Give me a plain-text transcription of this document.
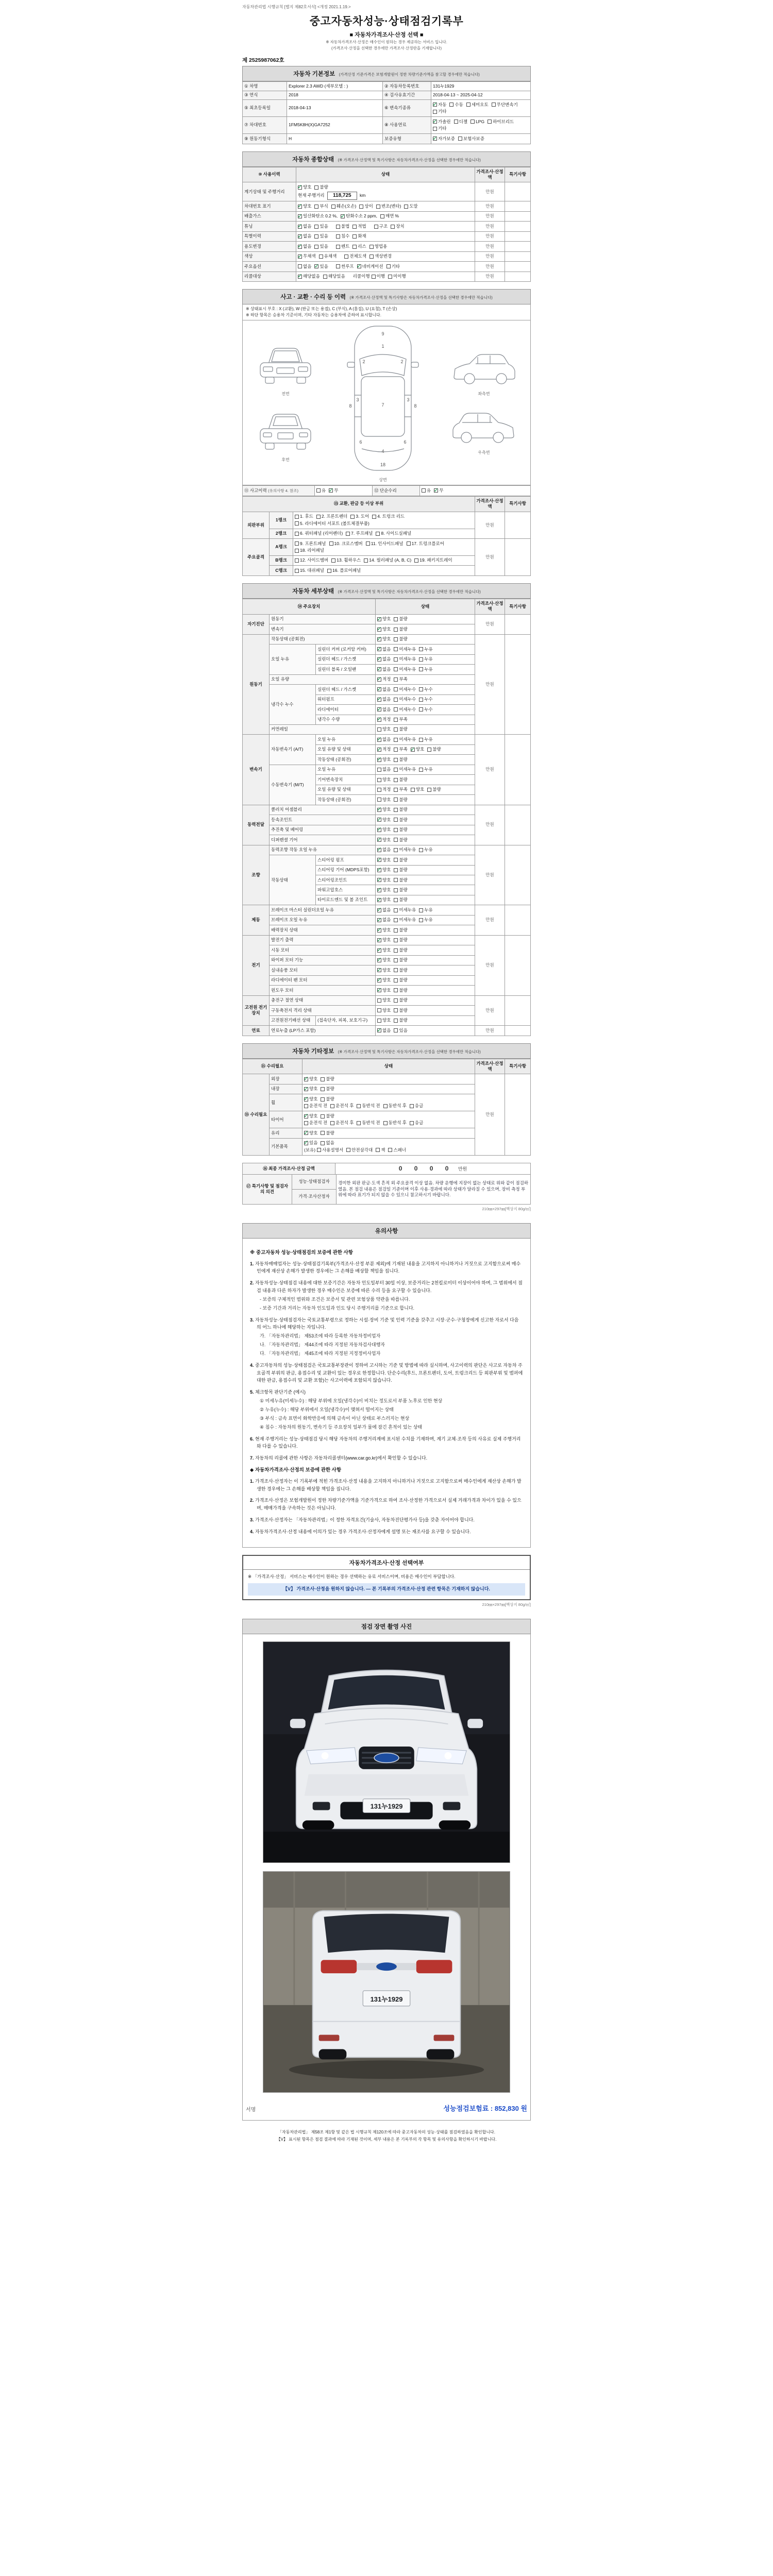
자동차관리법 시행규칙 [별지 제82호서식] <개정 2021.1.19.>
중고자동차성능·상태점검기록부
■ 자동차가격조사·산정 선택 ■
※ 자동차가격조사·산정은 매수인이 원하는 경우 제공하는 서비스 입니다.
(가격조사·산정을 선택한 경우에만 가격조사·산정란을 기재합니다)
제 2525987062호
자동차 기본정보 (가격산정 기준가격은 보험개발원이 정한 차량기준가액을 참고할 경우에만 적습니다)
① 차명	Explorer 2.3 AWD (세부모델 : )	② 자동차등록번호	131누1929
③ 연식	2018	④ 검사유효기간	2018-04-13 ~ 2025-04-12
⑤ 최초등록일	2018-04-13	⑥ 변속기종류	
✓ 자동 수동 세미오토 무단변속기
기타

⑦ 차대번호	1FM5K8H(X)GA7252	⑧ 사용연료	
✓ 가솔린 디젤 LPG 하이브리드
기타

⑨ 원동기형식	H	보증유형	✓ 자가보증 보험사보증
자동차 종합상태 (※ 가격조사·산정액 및 특기사항은 자동차가격조사·산정을 선택한 경우에만 적습니다)
⑩ 사용이력	상태	가격조사·산정액	특기사항
계기상태 및 주행거리	✓ 양호 불량
현재 주행거리 118,725 km	만원	
차대번호 표기	✓ 양호 부식 훼손(오손) 상이 변조(변타) 도말	만원	
배출가스	✓ 일산화탄소 0.2 %, ✓ 탄화수소 2 ppm, 매연 %	만원	
튜닝	✓ 없음 있음	불법 적법	구조 장치	만원	
특별이력	✓ 없음 있음 침수 화재	만원	
용도변경	✓ 없음 있음	렌트 리스 영업용	만원	
색상	✓ 무채색 유채색 전체도색 색상변경	만원	
주요옵션	없음 ✓ 있음	썬루프 ✓ 네비게이션 기타	만원	
리콜대상	✓ 해당없음 해당있음 리콜이행 이행 미이행	만원	
사고 · 교환 · 수리 등 이력 (※ 가격조사·산정액 및 특기사항은 자동차가격조사·산정을 선택한 경우에만 적습니다)
※ 상태표시 부호 : X (교환), W (판금 또는 용접), C (부식), A (흠집), U (요철), T (손상)
※ 하단 항목은 승용차 기준이며, 기타 자동차는 승용차에 준하여 표시합니다.
전면
후면
9
1
2	2
3	3
8	8
7
6	6
4
18
상면
좌측면
우측면
⑪ 사고이력 (유의사항 4. 참조)	유 ✓ 무	⑫ 단순수리	유 ✓ 무
⑬ 교환, 판금 등 이상 부위			가격조사·산정액	특기사항
외판부위	1랭크	1. 후드 2. 프론트펜더 3. 도어 4. 트렁크 리드
5. 라디에이터 서포트 (볼트체결부품)	만원	
	2랭크	6. 쿼터패널 (리어펜더) 7. 루프패널 8. 사이드실패널		

주요골격	A랭크	9. 프론트패널 10. 크로스멤버 11. 인사이드패널 17. 트렁크플로어
18. 리어패널	만원	
	B랭크	12. 사이드멤버 13. 휠하우스 14. 필러패널 (A, B, C) 19. 패키지트레이		

	C랭크	15. 대쉬패널 16. 플로어패널		
자동차 세부상태 (※ 가격조사·산정액 및 특기사항은 자동차가격조사·산정을 선택한 경우에만 적습니다)
⑭ 주요장치			상태	가격조사·산정액	특기사항
자기진단	원동기		✓ 양호 불량	만원	
	변속기		✓ 양호 불량		

원동기	작동상태 (공회전)		✓ 양호 불량	만원	
	오일 누유	실린더 커버 (로커암 커버)	✓ 없음 미세누유 누유		

		실린더 헤드 / 가스켓	✓ 없음 미세누유 누유		

		실린더 블록 / 오일팬	✓ 없음 미세누유 누유		

	오일 유량		✓ 적정 부족		

	냉각수 누수	실린더 헤드 / 가스켓	✓ 없음 미세누수 누수		

		워터펌프	✓ 없음 미세누수 누수		

		라디에이터	✓ 없음 미세누수 누수		

		냉각수 수량	✓ 적정 부족		

	커먼레일		양호 불량		

변속기	자동변속기 (A/T)	오일 누유	✓ 없음 미세누유 누유	만원	
오일 유량 및 상태	✓ 적정 부족 ✓ 양호 불량

		작동상태 (공회전)	✓ 양호 불량		

	수동변속기 (M/T)	오일 누유	없음 미세누유 누유		

		기어변속장치	양호 불량		

		오일 유량 및 상태	적정 부족 양호 불량		

		작동상태 (공회전)	양호 불량		

동력전달	클러치 어셈블리		✓ 양호 불량	만원	
	등속조인트		✓ 양호 불량		

	추진축 및 베어링		✓ 양호 불량		

	디퍼렌셜 기어		✓ 양호 불량		

조향	동력조향 작동 오일 누유		✓ 없음 미세누유 누유	만원	
	작동상태	스티어링 펌프	✓ 양호 불량		

		스티어링 기어 (MDPS포함)	✓ 양호 불량		

		스티어링조인트	✓ 양호 불량		

		파워고압호스	✓ 양호 불량		

		타이로드엔드 및 볼 조인트	✓ 양호 불량		

제동	브레이크 마스터 실린더오일 누유		✓ 없음 미세누유 누유	만원	
	브레이크 오일 누유		✓ 없음 미세누유 누유		

	배력장치 상태		✓ 양호 불량		

전기	발전기 출력		✓ 양호 불량	만원	
	시동 모터		✓ 양호 불량		

	와이퍼 모터 기능		✓ 양호 불량		

	실내송풍 모터		✓ 양호 불량		

	라디에이터 팬 모터		✓ 양호 불량		

	윈도우 모터		✓ 양호 불량		

고전원 전기장치	충전구 절연 상태		양호 불량	만원	
	구동축전지 격리 상태		양호 불량		

	고전원전기배선 상태	(접속단자, 피복, 보호기구)	양호 불량		

연료	연료누출 (LP가스 포함)		✓ 없음 있음	만원	
자동차 기타정보 (※ 가격조사·산정액 및 특기사항은 자동차가격조사·산정을 선택한 경우에만 적습니다)
⑮ 수리필요		상태	가격조사·산정액	특기사항
⑮ 수리필요	외장	✓ 양호 불량	만원	
	내장	✓ 양호 불량		

휠	
✓ 양호 불량
운전석 전 운전석 후 동반석 전 동반석 후 응급

타이어	
✓ 양호 불량
운전석 전 운전석 후 동반석 전 동반석 후 응급

	유리	✓ 양호 불량		

기본품목	
✓ 있음 없음
(보유) 사용설명서 안전삼각대 잭 스패너
⑯ 최종 가격조사·산정 금액	0 0 0 0 만원
⑰ 특기사항 및 점검자의 의견	성능·상태점검자	경미한 외판 판금·도색 흔적 외 주요골격 이상 없음. 차량 운행에 지장이 없는 상태로 위와 같이 점검하였음. 본 점검 내용은 점검일 기준이며 이후 사용·경과에 따라 상태가 달라질 수 있으며, 장비 측정 부위에 따라 표기가 되지 않을 수 있으니 참고하시기 바랍니다.
가격·조사산정자
210㎜×297㎜[백상지 80g/㎡]
유의사항
※ 중고자동차 성능·상태점검의 보증에 관한 사항
1. 자동차매매업자는 성능·상태점검기록부(가격조사·산정 부분 제외)에 기재된 내용을 고지하지 아니하거나 거짓으로 고지함으로써 매수인에게 재산상 손해가 발생한 경우에는 그 손해를 배상할 책임을 집니다.
2. 자동차성능·상태점검 내용에 대한 보증기간은 자동차 인도일부터 30일 이상, 보증거리는 2천킬로미터 이상이어야 하며, 그 범위에서 점검 내용과 다른 하자가 발생한 경우 매수인은 보증에 따른 수리 등을 요구할 수 있습니다.
- 보증의 구체적인 범위와 조건은 보증서 및 관련 보험상품 약관을 따릅니다.
- 보증 기간과 거리는 자동차 인도일과 인도 당시 주행거리를 기준으로 합니다.
3. 자동차성능·상태점검자는 국토교통부령으로 정하는 시설·장비 기준 및 인력 기준을 갖추고 시장·군수·구청장에게 신고한 자로서 다음의 어느 하나에 해당하는 자입니다.
가. 「자동차관리법」 제53조에 따라 등록한 자동차정비업자
나. 「자동차관리법」 제44조에 따라 지정된 자동차검사대행자
다. 「자동차관리법」 제45조에 따라 지정된 지정정비사업자
4. 중고자동차의 성능·상태점검은 국토교통부장관이 정하여 고시하는 기준 및 방법에 따라 실시하며, 사고이력의 판단은 사고로 자동차 주요골격 부위의 판금, 용접수리 및 교환이 있는 경우로 한정합니다. 단순수리(후드, 프론트펜더, 도어, 트렁크리드 등 외판부위 및 범퍼에 대한 판금, 용접수리 및 교환 포함)는 사고이력에 포함되지 않습니다.
5. 체크항목 판단기준 (예시)
① 미세누유(미세누수) : 해당 부위에 오일(냉각수)이 비치는 정도로서 부품 노후로 인한 현상
② 누유(누수) : 해당 부위에서 오일(냉각수)이 맺혀서 떨어지는 상태
③ 부식 : 금속 표면이 화학반응에 의해 금속이 아닌 상태로 부스러지는 현상
④ 침수 : 자동차의 원동기, 변속기 등 주요장치 일부가 물에 잠긴 흔적이 있는 상태
6. 현재 주행거리는 성능·상태점검 당시 해당 자동차의 주행거리계에 표시된 수치를 기재하며, 계기 교체·조작 등의 사유로 실제 주행거리와 다를 수 있습니다.
7. 자동차의 리콜에 관한 사항은 자동차리콜센터(www.car.go.kr)에서 확인할 수 있습니다.
◆ 자동차가격조사·산정의 보증에 관한 사항
1. 가격조사·산정자는 이 기록부에 적힌 가격조사·산정 내용을 고지하지 아니하거나 거짓으로 고지함으로써 매수인에게 재산상 손해가 발생한 경우에는 그 손해를 배상할 책임을 집니다.
2. 가격조사·산정은 보험개발원이 정한 차량기준가액을 기준가격으로 하여 조사·산정한 가격으로서 실제 거래가격과 차이가 있을 수 있으며, 매매가격을 구속하는 것은 아닙니다.
3. 가격조사·산정자는 「자동차관리법」이 정한 자격요건(기술사, 자동차진단평가사 등)을 갖춘 자이어야 합니다.
4. 자동차가격조사·산정 내용에 이의가 있는 경우 가격조사·산정자에게 설명 또는 재조사를 요구할 수 있습니다.
자동차가격조사·산정 선택여부
※ 「가격조사·산정」 서비스는 매수인이 원하는 경우 선택하는 유료 서비스이며, 비용은 매수인이 부담합니다.
【V】 가격조사·산정을 원하지 않습니다. — 본 기록부의 가격조사·산정 관련 항목은 기재하지 않습니다.
210㎜×297㎜[백상지 80g/㎡]
점검 장면 촬영 사진
131누1929
131누1929
서명	성능점검보험료 : 852,830 원
「자동차관리법」 제58조 제1항 및 같은 법 시행규칙 제120조에 따라 중고자동차의 성능·상태를 점검하였음을 확인합니다.
【V】 표시된 항목은 점검 결과에 따라 기재된 것이며, 세부 내용은 본 기록부의 각 항목 및 유의사항을 확인하시기 바랍니다.
